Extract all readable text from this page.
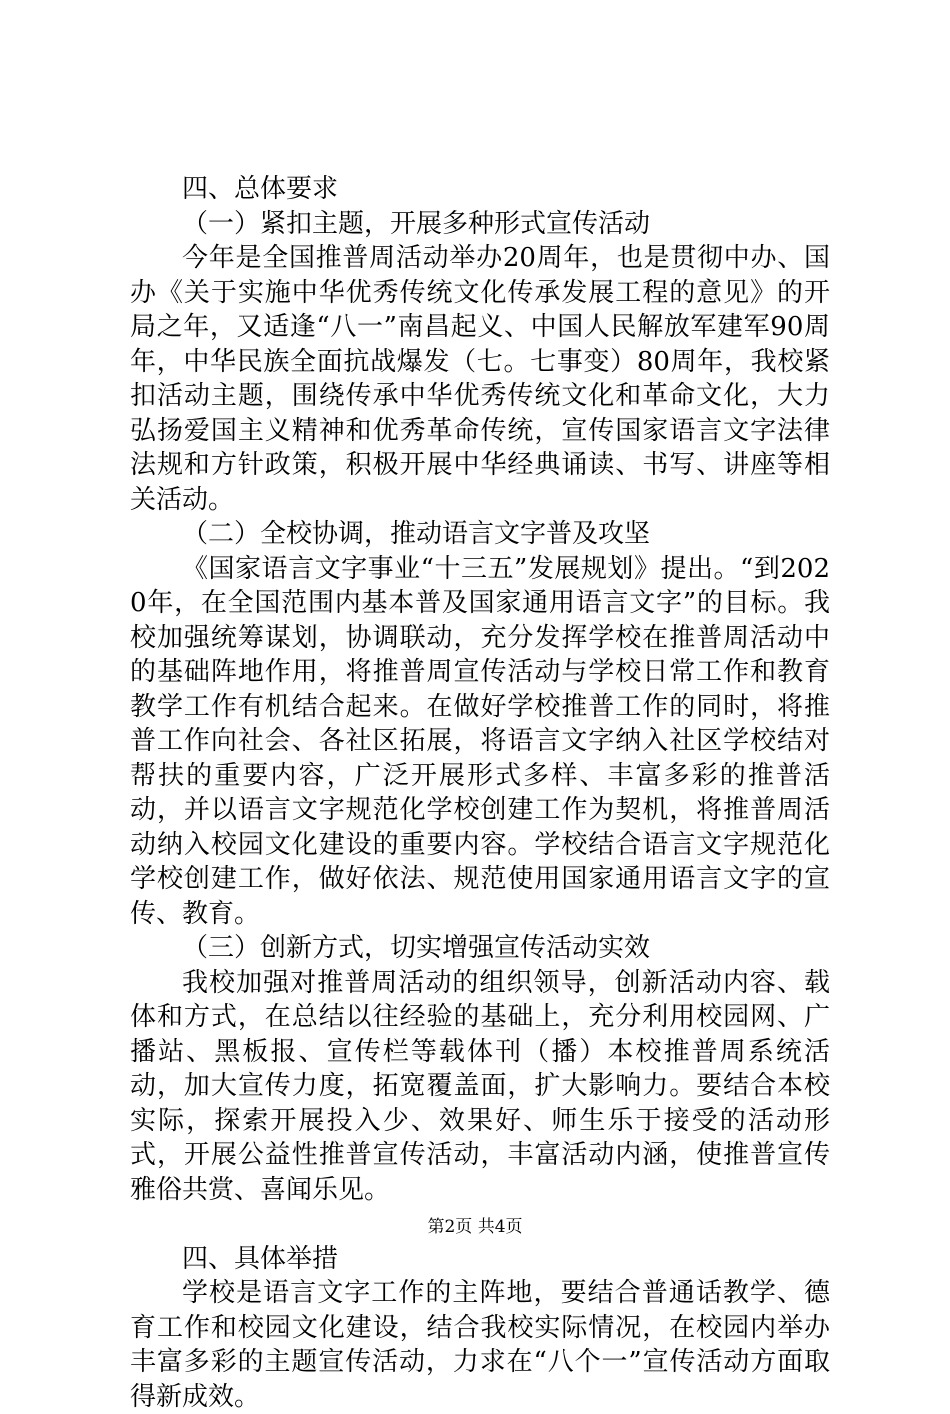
四、总体要求

（一）紧扣主题，开展多种形式宣传活动

今年是全国推普周活动举办20周年，也是贯彻中办、国办《关于实施中华优秀传统文化传承发展工程的意见》的开局之年，又适逢“八一”南昌起义、中国人民解放军建军90周年，中华民族全面抗战爆发（七。七事变）80周年，我校紧扣活动主题，围绕传承中华优秀传统文化和革命文化，大力弘扬爱国主义精神和优秀革命传统，宣传国家语言文字法律法规和方针政策，积极开展中华经典诵读、书写、讲座等相关活动。

（二）全校协调，推动语言文字普及攻坚

《国家语言文字事业“十三五”发展规划》提出。“到2020年，在全国范围内基本普及国家通用语言文字”的目标。我校加强统筹谋划，协调联动，充分发挥学校在推普周活动中的基础阵地作用，将推普周宣传活动与学校日常工作和教育教学工作有机结合起来。在做好学校推普工作的同时，将推普工作向社会、各社区拓展，将语言文字纳入社区学校结对帮扶的重要内容，广泛开展形式多样、丰富多彩的推普活动，并以语言文字规范化学校创建工作为契机，将推普周活动纳入校园文化建设的重要内容。学校结合语言文字规范化学校创建工作，做好依法、规范使用国家通用语言文字的宣传、教育。

（三）创新方式，切实增强宣传活动实效

我校加强对推普周活动的组织领导，创新活动内容、载体和方式，在总结以往经验的基础上，充分利用校园网、广播站、黑板报、宣传栏等载体刊（播）本校推普周系统活动，加大宣传力度，拓宽覆盖面，扩大影响力。要结合本校实际，探索开展投入少、效果好、师生乐于接受的活动形式，开展公益性推普宣传活动，丰富活动内涵，使推普宣传雅俗共赏、喜闻乐见。

四、具体举措

学校是语言文字工作的主阵地，要结合普通话教学、德育工作和校园文化建设，结合我校实际情况，在校园内举办丰富多彩的主题宣传活动，力求在“八个一”宣传活动方面取得新成效。

第2页 共4页
